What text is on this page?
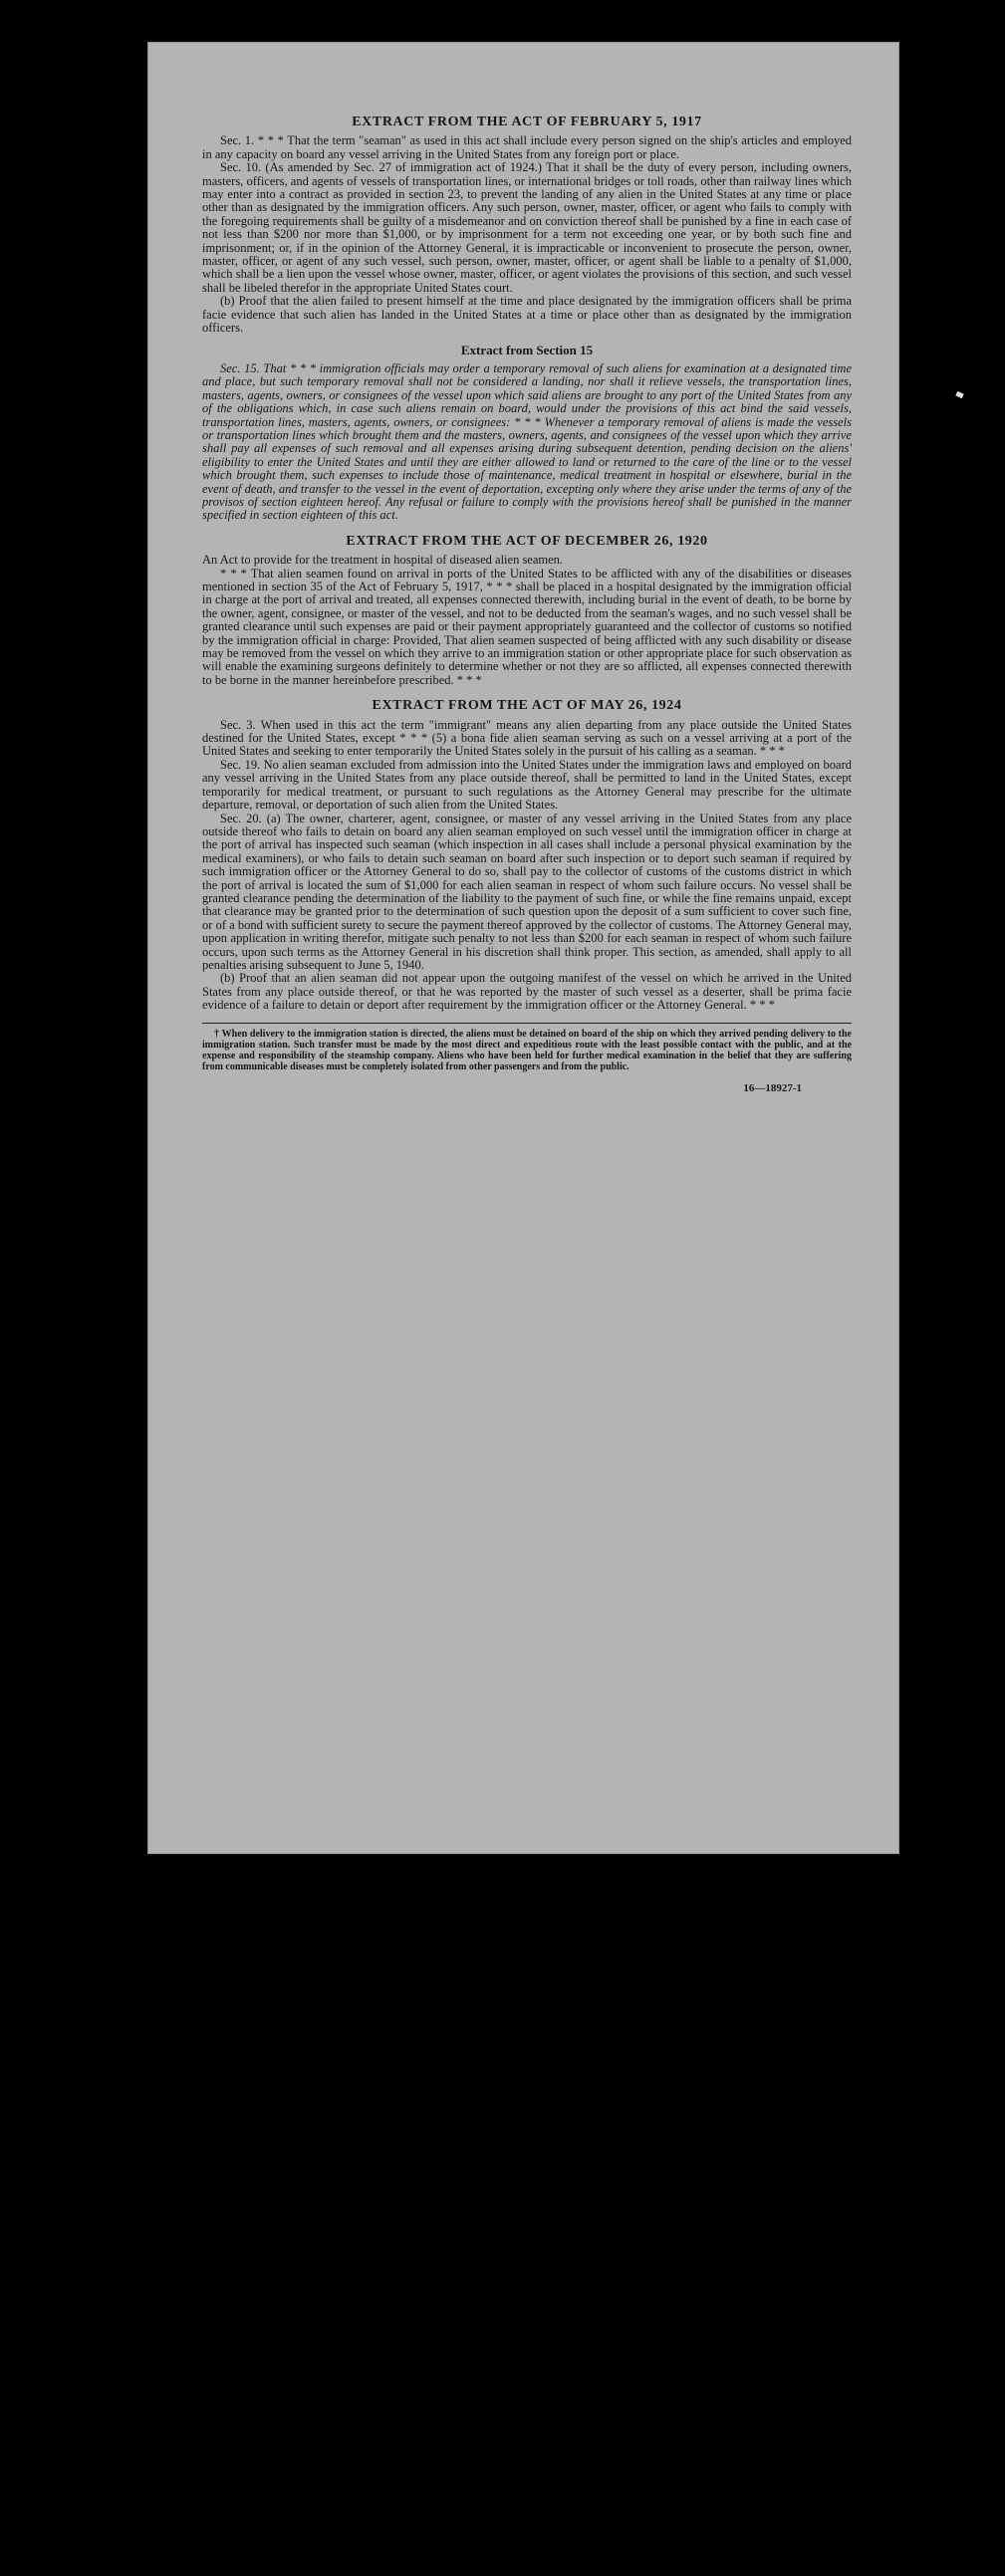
EXTRACT FROM THE ACT OF FEBRUARY 5, 1917

Sec. 1. * * * That the term "seaman" as used in this act shall include every person signed on the ship's articles and employed in any capacity on board any vessel arriving in the United States from any foreign port or place.

Sec. 10. (As amended by Sec. 27 of immigration act of 1924.) That it shall be the duty of every person, including owners, masters, officers, and agents of vessels of transportation lines, or international bridges or toll roads, other than railway lines which may enter into a contract as provided in section 23, to prevent the landing of any alien in the United States at any time or place other than as designated by the immigration officers. Any such person, owner, master, officer, or agent who fails to comply with the foregoing requirements shall be guilty of a misdemeanor and on conviction thereof shall be punished by a fine in each case of not less than $200 nor more than $1,000, or by imprisonment for a term not exceeding one year, or by both such fine and imprisonment; or, if in the opinion of the Attorney General, it is impracticable or inconvenient to prosecute the person, owner, master, officer, or agent of any such vessel, such person, owner, master, officer, or agent shall be liable to a penalty of $1,000, which shall be a lien upon the vessel whose owner, master, officer, or agent violates the provisions of this section, and such vessel shall be libeled therefor in the appropriate United States court.

(b) Proof that the alien failed to present himself at the time and place designated by the immigration officers shall be prima facie evidence that such alien has landed in the United States at a time or place other than as designated by the immigration officers.

Extract from Section 15

Sec. 15. That * * * immigration officials may order a temporary removal of such aliens for examination at a designated time and place, but such temporary removal shall not be considered a landing, nor shall it relieve vessels, the transportation lines, masters, agents, owners, or consignees of the vessel upon which said aliens are brought to any port of the United States from any of the obligations which, in case such aliens remain on board, would under the provisions of this act bind the said vessels, transportation lines, masters, agents, owners, or consignees: * * * Whenever a temporary removal of aliens is made the vessels or transportation lines which brought them and the masters, owners, agents, and consignees of the vessel upon which they arrive shall pay all expenses of such removal and all expenses arising during subsequent detention, pending decision on the aliens' eligibility to enter the United States and until they are either allowed to land or returned to the care of the line or to the vessel which brought them, such expenses to include those of maintenance, medical treatment in hospital or elsewhere, burial in the event of death, and transfer to the vessel in the event of deportation, excepting only where they arise under the terms of any of the provisos of section eighteen hereof. Any refusal or failure to comply with the provisions hereof shall be punished in the manner specified in section eighteen of this act.

EXTRACT FROM THE ACT OF DECEMBER 26, 1920

An Act to provide for the treatment in hospital of diseased alien seamen.

* * * That alien seamen found on arrival in ports of the United States to be afflicted with any of the disabilities or diseases mentioned in section 35 of the Act of February 5, 1917, * * * shall be placed in a hospital designated by the immigration official in charge at the port of arrival and treated, all expenses connected therewith, including burial in the event of death, to be borne by the owner, agent, consignee, or master of the vessel, and not to be deducted from the seaman's wages, and no such vessel shall be granted clearance until such expenses are paid or their payment appropriately guaranteed and the collector of customs so notified by the immigration official in charge: Provided, That alien seamen suspected of being afflicted with any such disability or disease may be removed from the vessel on which they arrive to an immigration station or other appropriate place for such observation as will enable the examining surgeons definitely to determine whether or not they are so afflicted, all expenses connected therewith to be borne in the manner hereinbefore prescribed. * * *

EXTRACT FROM THE ACT OF MAY 26, 1924

Sec. 3. When used in this act the term "immigrant" means any alien departing from any place outside the United States destined for the United States, except * * * (5) a bona fide alien seaman serving as such on a vessel arriving at a port of the United States and seeking to enter temporarily the United States solely in the pursuit of his calling as a seaman. * * *

Sec. 19. No alien seaman excluded from admission into the United States under the immigration laws and employed on board any vessel arriving in the United States from any place outside thereof, shall be permitted to land in the United States, except temporarily for medical treatment, or pursuant to such regulations as the Attorney General may prescribe for the ultimate departure, removal, or deportation of such alien from the United States.

Sec. 20. (a) The owner, charterer, agent, consignee, or master of any vessel arriving in the United States from any place outside thereof who fails to detain on board any alien seaman employed on such vessel until the immigration officer in charge at the port of arrival has inspected such seaman (which inspection in all cases shall include a personal physical examination by the medical examiners), or who fails to detain such seaman on board after such inspection or to deport such seaman if required by such immigration officer or the Attorney General to do so, shall pay to the collector of customs of the customs district in which the port of arrival is located the sum of $1,000 for each alien seaman in respect of whom such failure occurs. No vessel shall be granted clearance pending the determination of the liability to the payment of such fine, or while the fine remains unpaid, except that clearance may be granted prior to the determination of such question upon the deposit of a sum sufficient to cover such fine, or of a bond with sufficient surety to secure the payment thereof approved by the collector of customs. The Attorney General may, upon application in writing therefor, mitigate such penalty to not less than $200 for each seaman in respect of whom such failure occurs, upon such terms as the Attorney General in his discretion shall think proper. This section, as amended, shall apply to all penalties arising subsequent to June 5, 1940.

(b) Proof that an alien seaman did not appear upon the outgoing manifest of the vessel on which he arrived in the United States from any place outside thereof, or that he was reported by the master of such vessel as a deserter, shall be prima facie evidence of a failure to detain or deport after requirement by the immigration officer or the Attorney General. * * *

† When delivery to the immigration station is directed, the aliens must be detained on board of the ship on which they arrived pending delivery to the immigration station. Such transfer must be made by the most direct and expeditious route with the least possible contact with the public, and at the expense and responsibility of the steamship company. Aliens who have been held for further medical examination in the belief that they are suffering from communicable diseases must be completely isolated from other passengers and from the public.

16—18927-1
